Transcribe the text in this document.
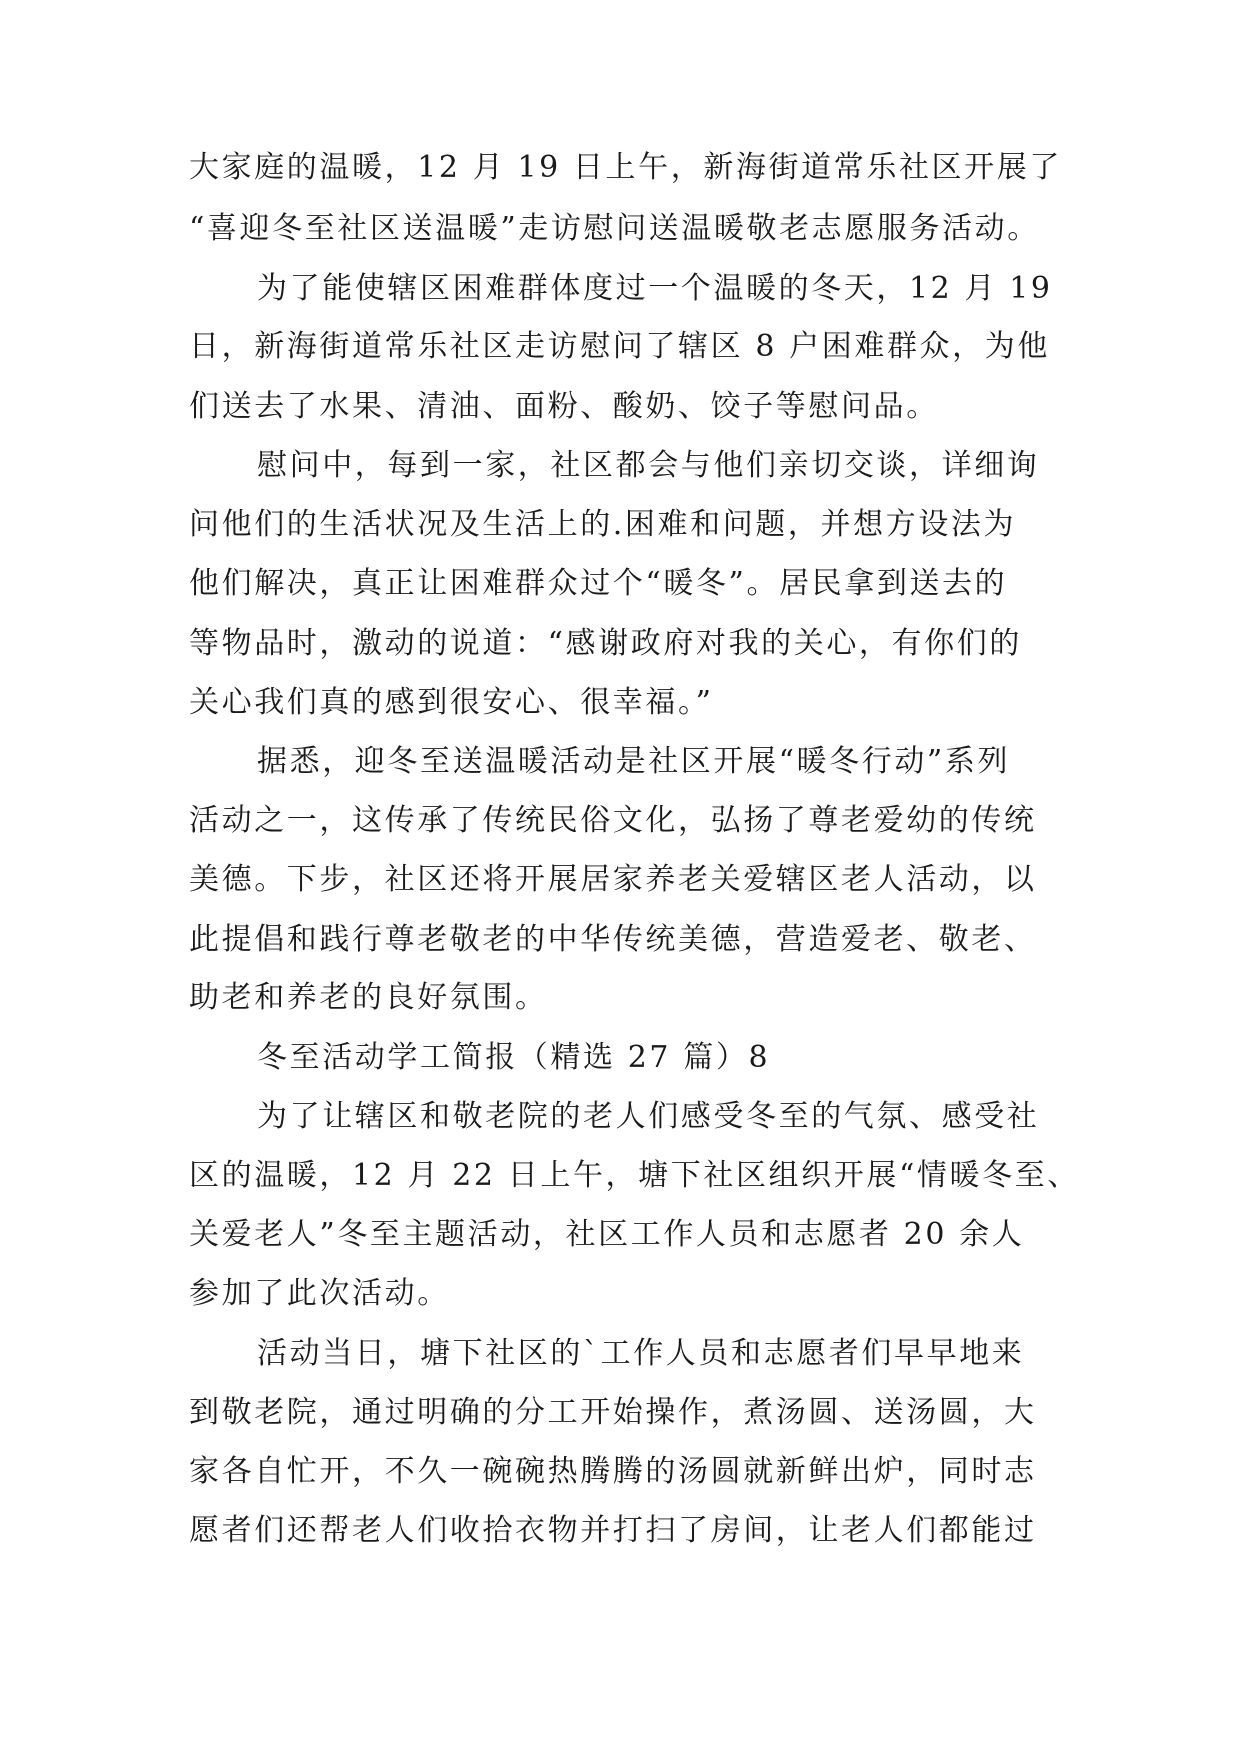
大家庭的温暖，12 月 19 日上午，新海街道常乐社区开展了
“喜迎冬至社区送温暖”走访慰问送温暖敬老志愿服务活动。
为了能使辖区困难群体度过一个温暖的冬天，12 月 19
日，新海街道常乐社区走访慰问了辖区 8 户困难群众，为他
们送去了水果、清油、面粉、酸奶、饺子等慰问品。
慰问中，每到一家，社区都会与他们亲切交谈，详细询
问他们的生活状况及生活上的.困难和问题，并想方设法为
他们解决，真正让困难群众过个“暖冬”。居民拿到送去的
等物品时，激动的说道：“感谢政府对我的关心，有你们的
关心我们真的感到很安心、很幸福。”
据悉，迎冬至送温暖活动是社区开展“暖冬行动”系列
活动之一，这传承了传统民俗文化，弘扬了尊老爱幼的传统
美德。下步，社区还将开展居家养老关爱辖区老人活动，以
此提倡和践行尊老敬老的中华传统美德，营造爱老、敬老、
助老和养老的良好氛围。
冬至活动学工简报（精选 27 篇）8
为了让辖区和敬老院的老人们感受冬至的气氛、感受社
区的温暖，12 月 22 日上午，塘下社区组织开展“情暖冬至、
关爱老人”冬至主题活动，社区工作人员和志愿者 20 余人
参加了此次活动。
活动当日，塘下社区的`工作人员和志愿者们早早地来
到敬老院，通过明确的分工开始操作，煮汤圆、送汤圆，大
家各自忙开，不久一碗碗热腾腾的汤圆就新鲜出炉，同时志
愿者们还帮老人们收拾衣物并打扫了房间，让老人们都能过
